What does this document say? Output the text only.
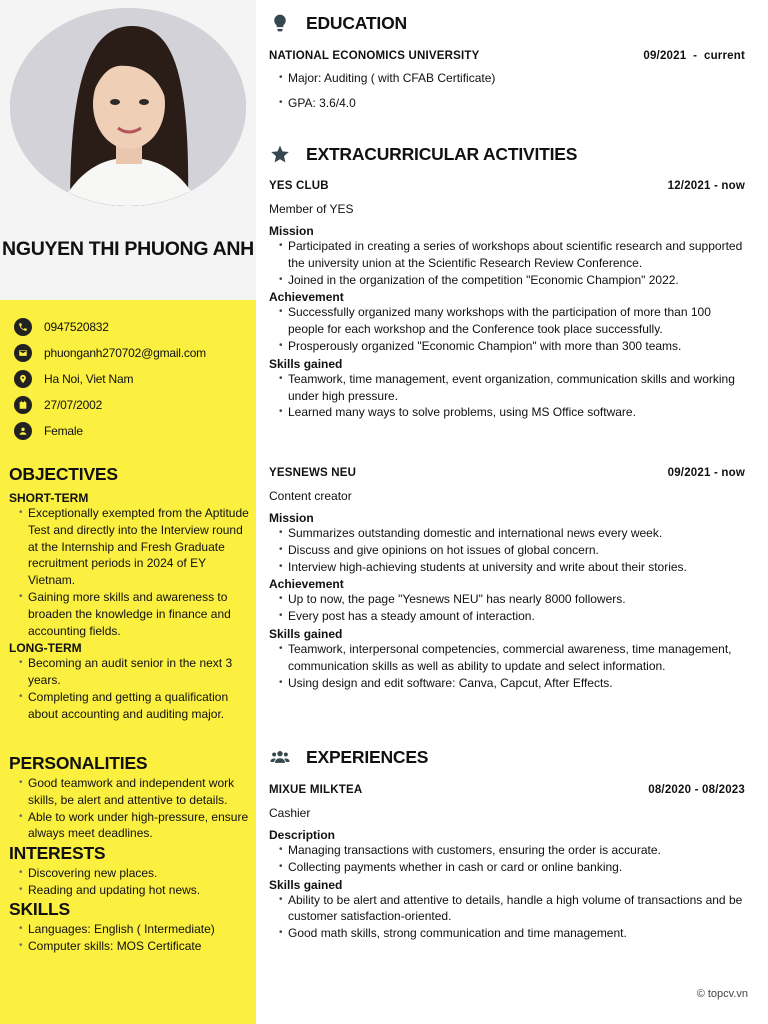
NGUYEN THI PHUONG ANH
0947520832
phuonganh270702@gmail.com
Ha Noi, Viet Nam
27/07/2002
Female
OBJECTIVES
SHORT-TERM
• Exceptionally exempted from the Aptitude Test and directly into the Interview round at the Internship and Fresh Graduate recruitment periods in 2024 of EY Vietnam.
• Gaining more skills and awareness to broaden the knowledge in finance and accounting fields.
LONG-TERM
• Becoming an audit senior in the next 3 years.
• Completing and getting a qualification about accounting and auditing major.
PERSONALITIES
• Good teamwork and independent work skills, be alert and attentive to details.
• Able to work under high-pressure, ensure always meet deadlines.
INTERESTS
• Discovering new places.
• Reading and updating hot news.
SKILLS
• Languages: English ( Intermediate)
• Computer skills: MOS Certificate
EDUCATION
NATIONAL ECONOMICS UNIVERSITY	09/2021 - current
• Major: Auditing ( with CFAB Certificate)
• GPA: 3.6/4.0
EXTRACURRICULAR ACTIVITIES
YES CLUB	12/2021 - now
Member of YES
Mission
• Participated in creating a series of workshops about scientific research and supported the university union at the Scientific Research Review Conference.
• Joined in the organization of the competition "Economic Champion" 2022.
Achievement
• Successfully organized many workshops with the participation of more than 100 people for each workshop and the Conference took place successfully.
• Prosperously organized "Economic Champion" with more than 300 teams.
Skills gained
• Teamwork, time management, event organization, communication skills and working under high pressure.
• Learned many ways to solve problems, using MS Office software.
YESNEWS NEU	09/2021 - now
Content creator
Mission
• Summarizes outstanding domestic and international news every week.
• Discuss and give opinions on hot issues of global concern.
• Interview high-achieving students at university and write about their stories.
Achievement
• Up to now, the page "Yesnews NEU" has nearly 8000 followers.
• Every post has a steady amount of interaction.
Skills gained
• Teamwork, interpersonal competencies, commercial awareness, time management, communication skills as well as ability to update and select information.
• Using design and edit software: Canva, Capcut, After Effects.
EXPERIENCES
MIXUE MILKTEA	08/2020 - 08/2023
Cashier
Description
• Managing transactions with customers, ensuring the order is accurate.
• Collecting payments whether in cash or card or online banking.
Skills gained
• Ability to be alert and attentive to details, handle a high volume of transactions and be customer satisfaction-oriented.
• Good math skills, strong communication and time management.
© topcv.vn
